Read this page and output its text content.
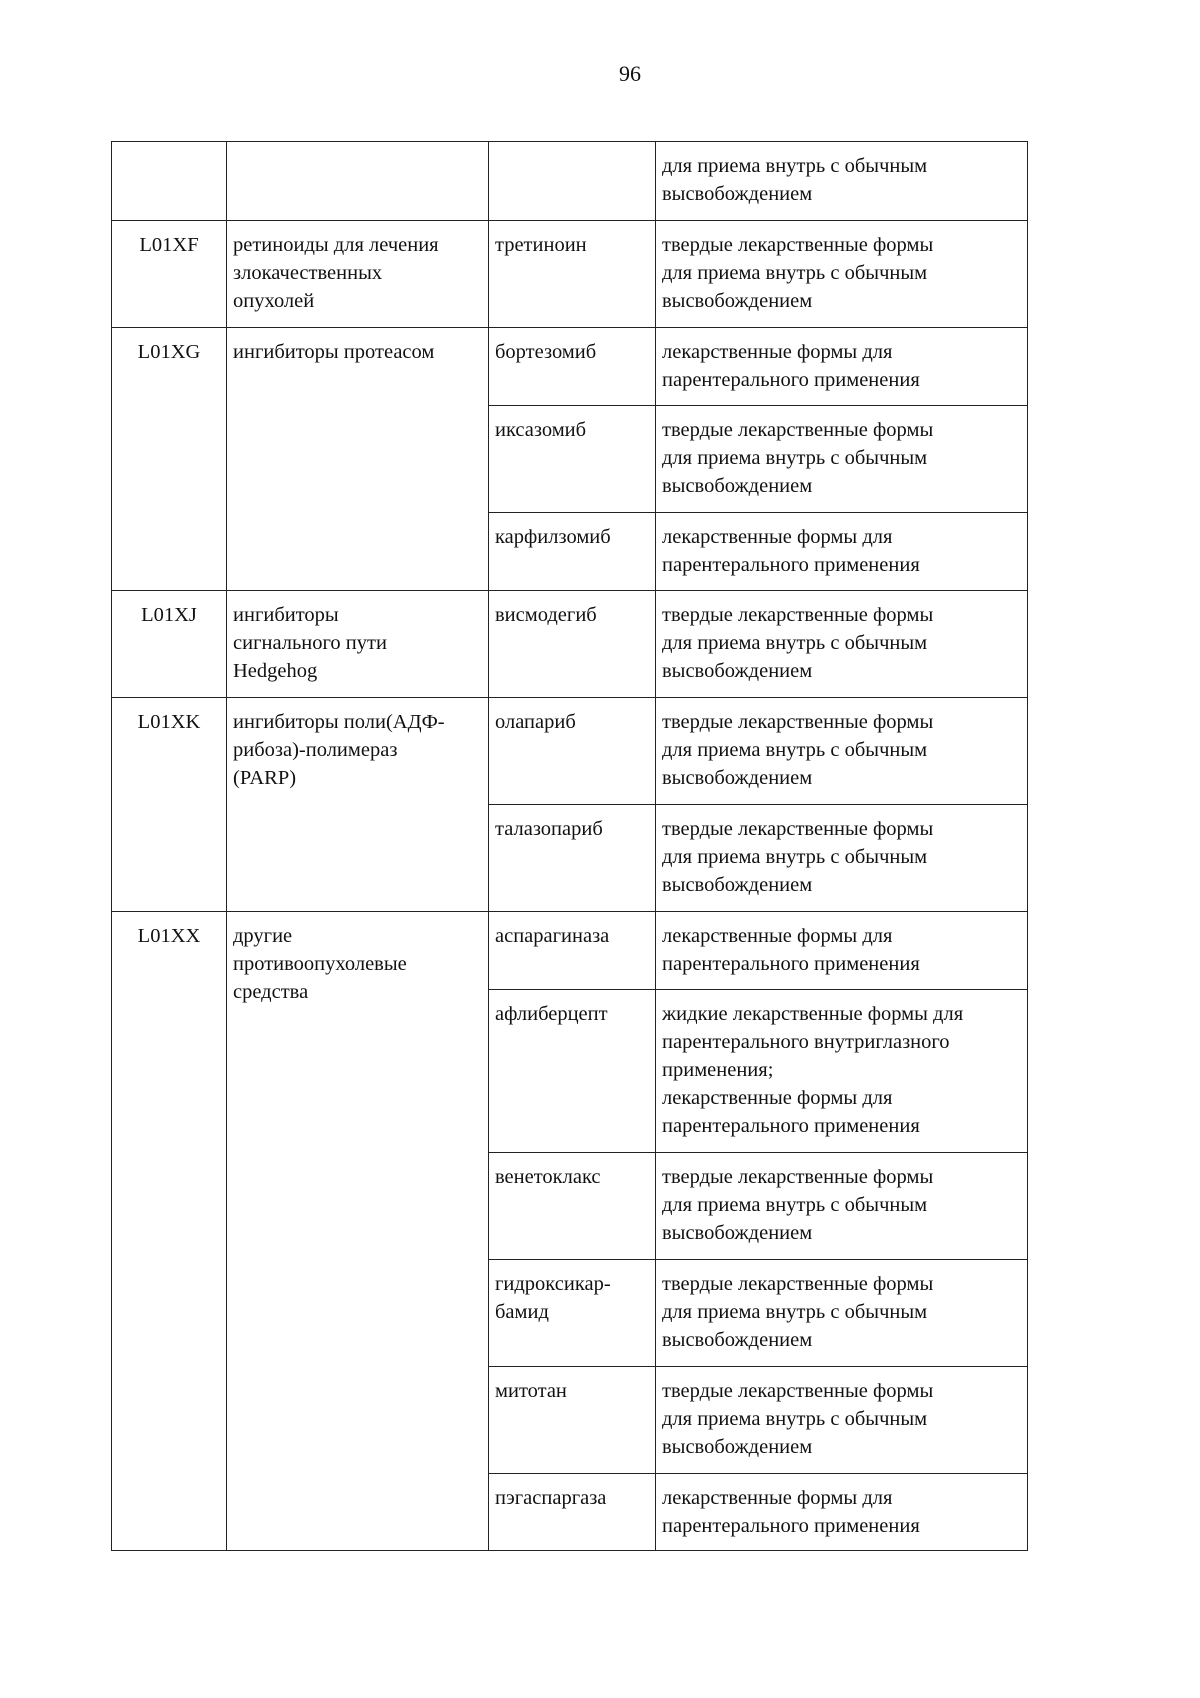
96

			для приема внутрь с обычным
высвобождением

L01XF	ретиноиды для лечения
злокачественных
опухолей	третиноин	твердые лекарственные формы
для приема внутрь с обычным
высвобождением

L01XG	ингибиторы протеасом	бортезомиб	лекарственные формы для
парентерального применения

		иксазомиб	твердые лекарственные формы
для приема внутрь с обычным
высвобождением

		карфилзомиб	лекарственные формы для
парентерального применения

L01XJ	ингибиторы
сигнального пути
Hedgehog	висмодегиб	твердые лекарственные формы
для приема внутрь с обычным
высвобождением

L01XK	ингибиторы поли(АДФ-
рибоза)-полимераз
(PARP)	олапариб	твердые лекарственные формы
для приема внутрь с обычным
высвобождением

		талазопариб	твердые лекарственные формы
для приема внутрь с обычным
высвобождением

L01XX	другие
противоопухолевые
средства	аспарагиназа	лекарственные формы для
парентерального применения

		афлиберцепт	жидкие лекарственные формы для
парентерального внутриглазного
применения;
лекарственные формы для
парентерального применения

		венетоклакс	твердые лекарственные формы
для приема внутрь с обычным
высвобождением

		гидроксикар-
бамид	твердые лекарственные формы
для приема внутрь с обычным
высвобождением

		митотан	твердые лекарственные формы
для приема внутрь с обычным
высвобождением

		пэгаспаргаза	лекарственные формы для
парентерального применения
